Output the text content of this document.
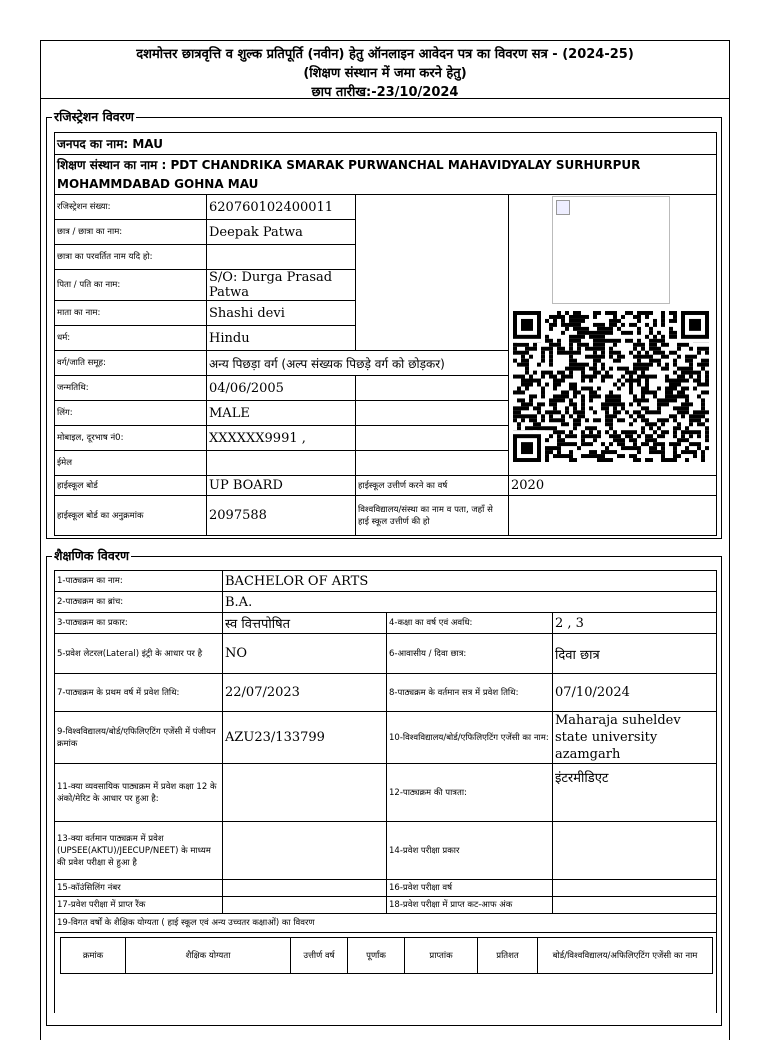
दशमोत्तर छात्रवृत्ति व शुल्क प्रतिपूर्ति (नवीन) हेतु ऑनलाइन आवेदन पत्र का विवरण सत्र - (2024-25)
(शिक्षण संस्थान में जमा करने हेतु)
छाप तारीख:-23/10/2024
रजिस्ट्रेशन विवरण
जनपद का नाम: MAU			
शिक्षण संस्थान का नाम : PDT CHANDRIKA SMARAK PURWANCHAL MAHAVIDYALAY SURHURPUR MOHAMMDABAD GOHNA MAU			
रजिस्ट्रेशन संख्या:	620760102400011		
छात्र / छात्रा का नाम:	Deepak Patwa		
छात्रा का परवर्तित नाम यदि हो:			
पिता / पति का नाम:	S/O: Durga Prasad Patwa		
माता का नाम:	Shashi devi		
धर्म:	Hindu		
वर्ग/जाति समूह:	अन्य पिछड़ा वर्ग (अल्प संख्यक पिछड़े वर्ग को छोड़कर)		
जन्मतिथि:	04/06/2005		
लिंग:	MALE		
मोबाइल, दूरभाष नं0:	XXXXXX9991 ,		
ईमेल			
हाईस्कूल बोर्ड	UP BOARD	हाईस्कूल उत्तीर्ण करने का वर्ष	2020
हाईस्कूल बोर्ड का अनुक्रमांक	2097588	विश्वविद्यालय/संस्था का नाम व पता, जहाँ से हाई स्कूल उत्तीर्ण की हो	
शैक्षणिक विवरण
1-पाठ्यक्रम का नाम:	BACHELOR OF ARTS
2-पाठ्यक्रम का ब्रांच:	B.A.
3-पाठ्यक्रम का प्रकार:	स्व वित्तपोषित	4-कक्षा का वर्ष एवं अवधि:	2 , 3
5-प्रवेश लेटरल(Lateral) इंट्री के आधार पर है	NO	6-आवासीय / दिवा छात्र:	दिवा छात्र
7-पाठ्यक्रम के प्रथम वर्ष में प्रवेश तिथि:	22/07/2023	8-पाठ्यक्रम के वर्तमान सत्र में प्रवेश तिथि:	07/10/2024
9-विश्वविद्यालय/बोर्ड/एफिलिएटिंग एजेंसी में पंजीयन क्रमांक	AZU23/133799	10-विश्वविद्यालय/बोर्ड/एफिलिएटिंग एजेंसी का नाम:	Maharaja suheldev state university azamgarh
11-क्या व्यवसायिक पाठ्यक्रम में प्रवेश कक्षा 12 के अंको/मेरिट के आधार पर हुआ है:		12-पाठ्यक्रम की पात्रता:	इंटरमीडिएट
13-क्या वर्तमान पाठ्यक्रम में प्रवेश (UPSEE(AKTU)/JEECUP/NEET) के माध्यम की प्रवेश परीक्षा से हुआ है		14-प्रवेश परीक्षा प्रकार	
15-कॉउंसिलिंग नंबर		16-प्रवेश परीक्षा वर्ष	
17-प्रवेश परीक्षा में प्राप्त रैंक		18-प्रवेश परीक्षा में प्राप्त कट-आफ अंक	
19-विगत वर्षों के शैक्षिक योग्यता ( हाई स्कूल एवं अन्य उच्चतर कक्षाओं) का विवरण

क्रमांक	शैक्षिक योग्यता	उत्तीर्ण वर्ष	पूर्णांक	प्राप्तांक	प्रतिशत	बोर्ड/विश्वविद्यालय/अफिलिएटिंग एजेंसी का नाम
